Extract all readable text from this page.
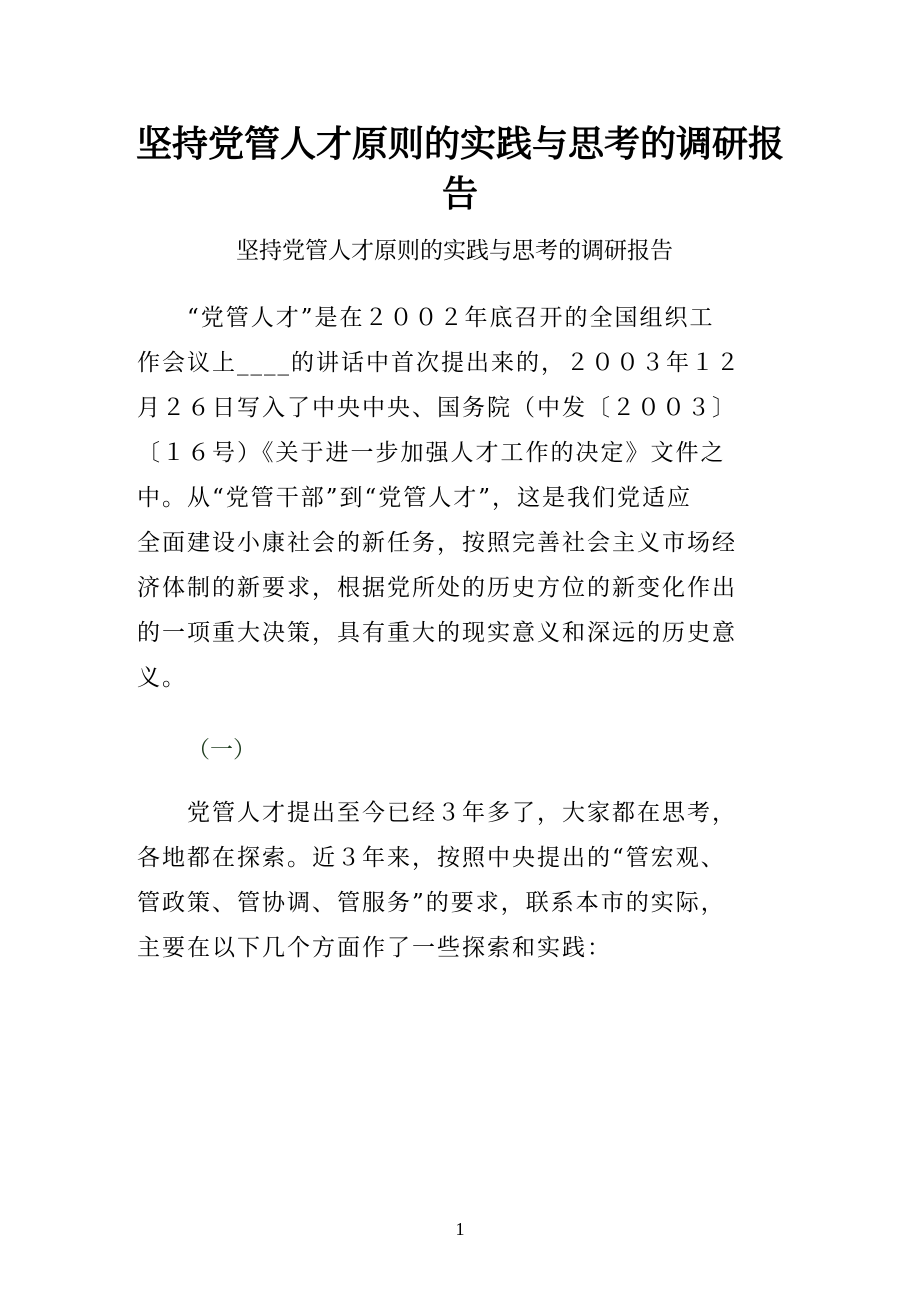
坚持党管人才原则的实践与思考的调研报告
坚持党管人才原则的实践与思考的调研报告
“党管人才”是在２００２年底召开的全国组织工
作会议上____的讲话中首次提出来的，２００３年１２
月２６日写入了中央中央、国务院（中发〔２００３〕
〔１６号）《关于进一步加强人才工作的决定》文件之
中。从“党管干部”到“党管人才”，这是我们党适应
全面建设小康社会的新任务，按照完善社会主义市场经
济体制的新要求，根据党所处的历史方位的新变化作出
的一项重大决策，具有重大的现实意义和深远的历史意
义。
（一）
党管人才提出至今已经３年多了，大家都在思考，
各地都在探索。近３年来，按照中央提出的“管宏观、
管政策、管协调、管服务”的要求，联系本市的实际，
主要在以下几个方面作了一些探索和实践：
1
